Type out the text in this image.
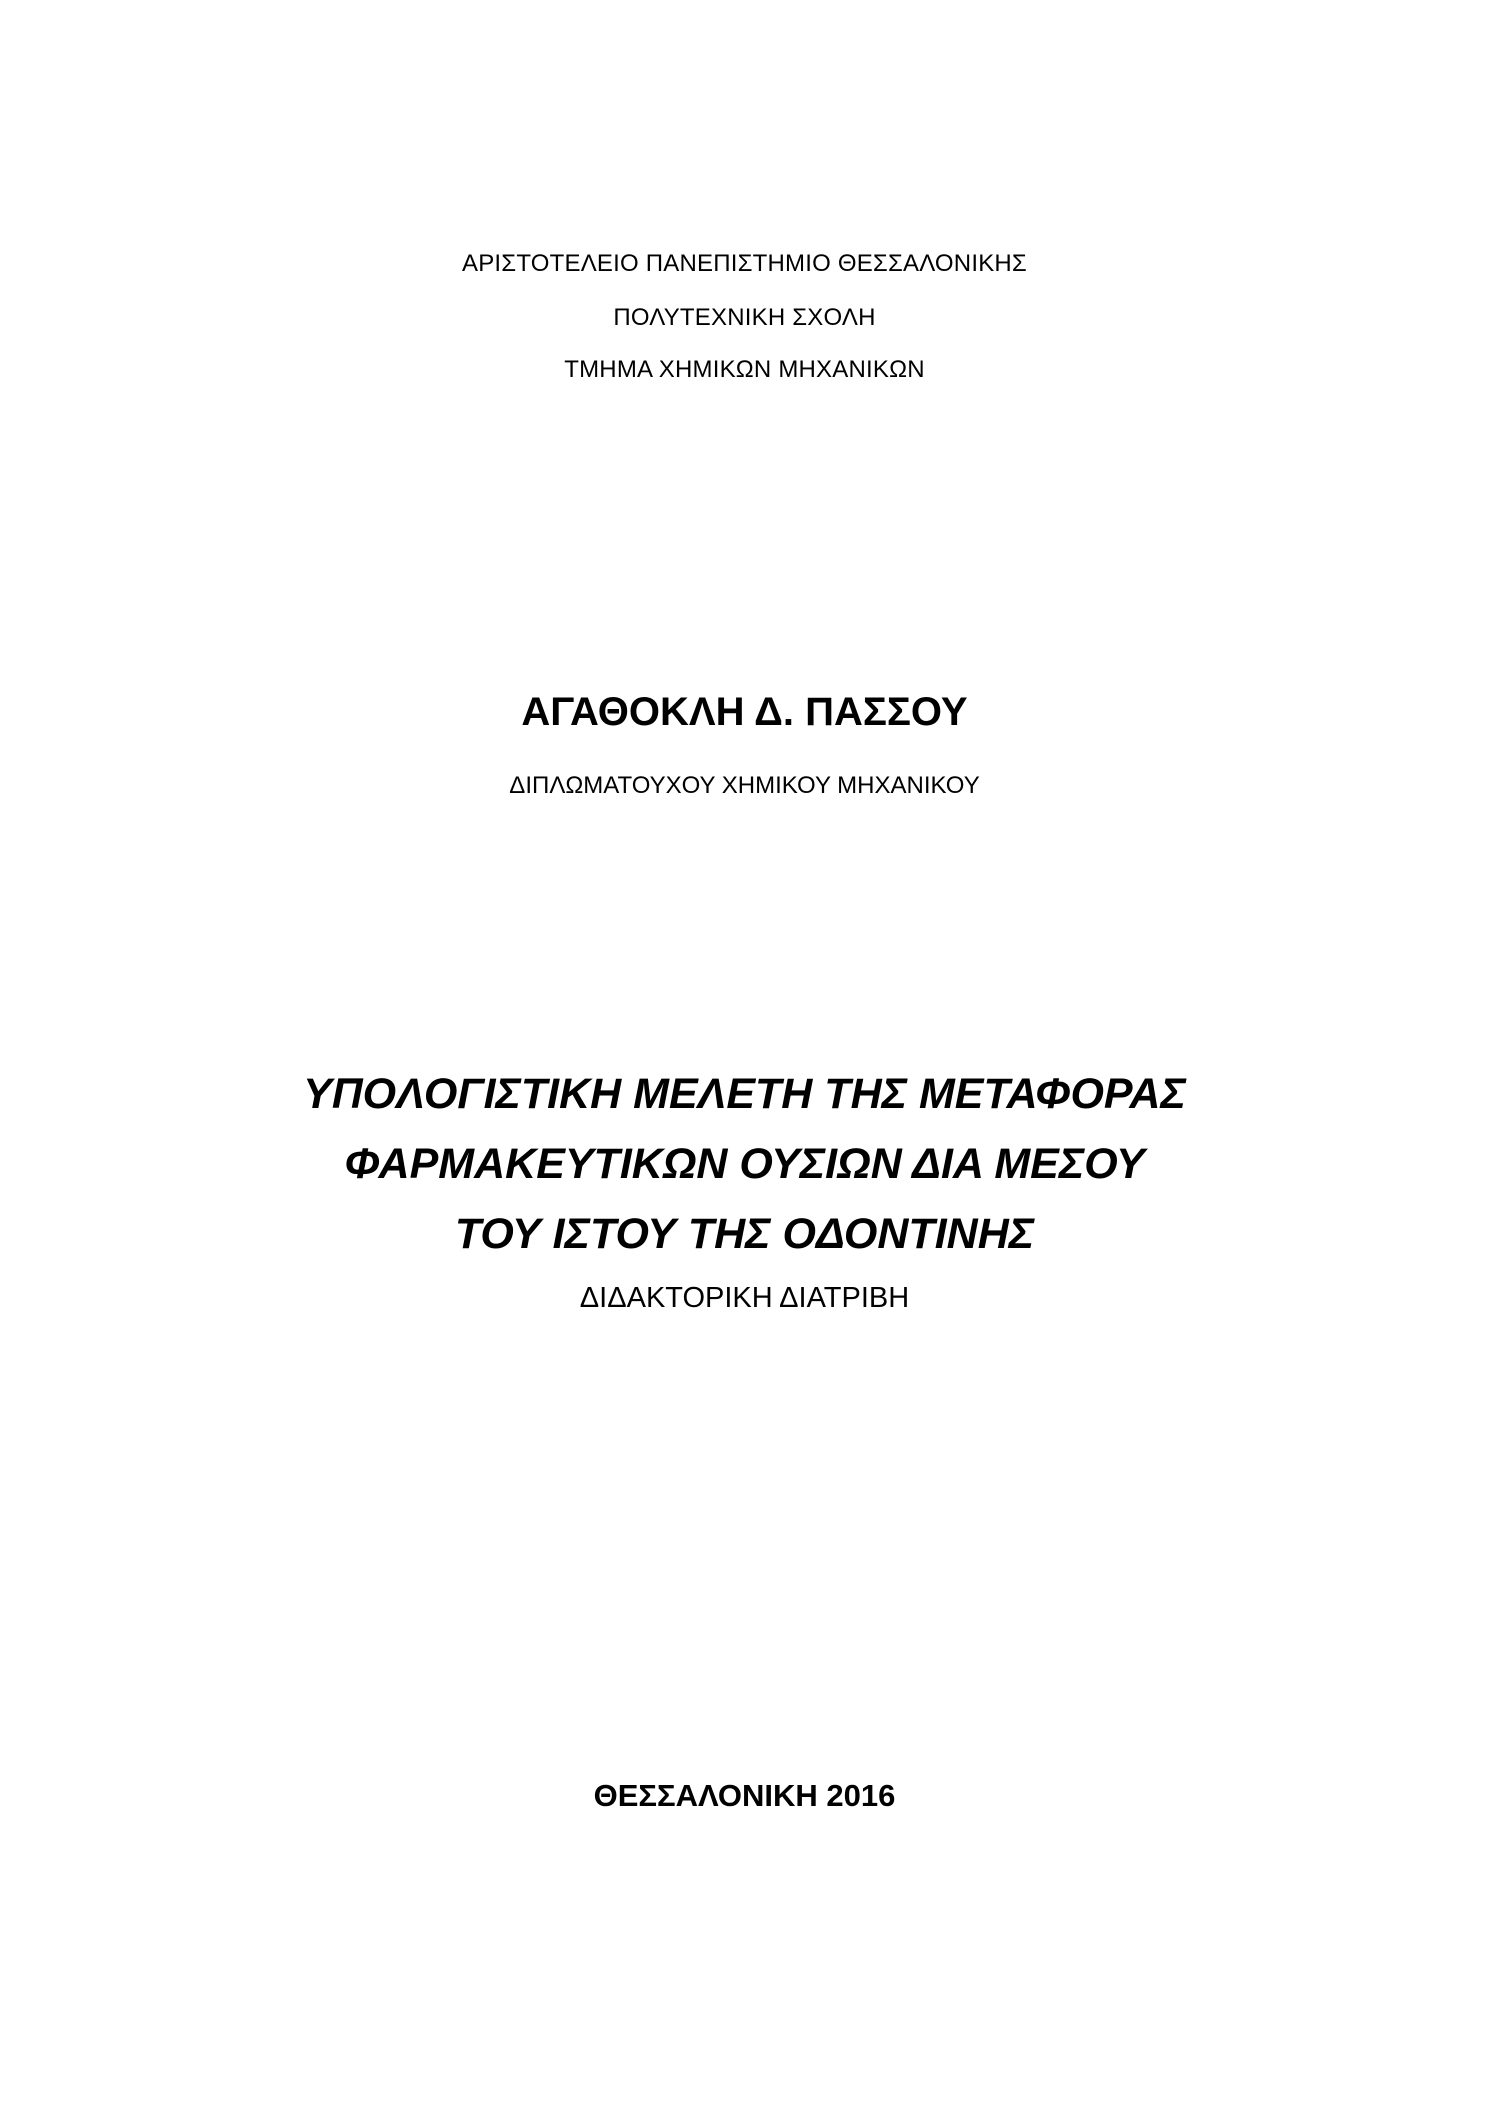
ΑΡΙΣΤΟΤΕΛΕΙΟ ΠΑΝΕΠΙΣΤΗΜΙΟ ΘΕΣΣΑΛΟΝΙΚΗΣ
ΠΟΛΥΤΕΧΝΙΚΗ ΣΧΟΛΗ
ΤΜΗΜΑ ΧΗΜΙΚΩΝ ΜΗΧΑΝΙΚΩΝ
ΑΓΑΘΟΚΛΗ Δ. ΠΑΣΣΟΥ
ΔΙΠΛΩΜΑΤΟΥΧΟΥ ΧΗΜΙΚΟΥ ΜΗΧΑΝΙΚΟΥ
ΥΠΟΛΟΓΙΣΤΙΚΗ ΜΕΛΕΤΗ ΤΗΣ ΜΕΤΑΦΟΡΑΣ
ΦΑΡΜΑΚΕΥΤΙΚΩΝ ΟΥΣΙΩΝ ΔΙΑ ΜΕΣΟΥ
ΤΟΥ ΙΣΤΟΥ ΤΗΣ ΟΔΟΝΤΙΝΗΣ
ΔΙΔΑΚΤΟΡΙΚΗ ΔΙΑΤΡΙΒΗ
ΘΕΣΣΑΛΟΝΙΚΗ 2016
